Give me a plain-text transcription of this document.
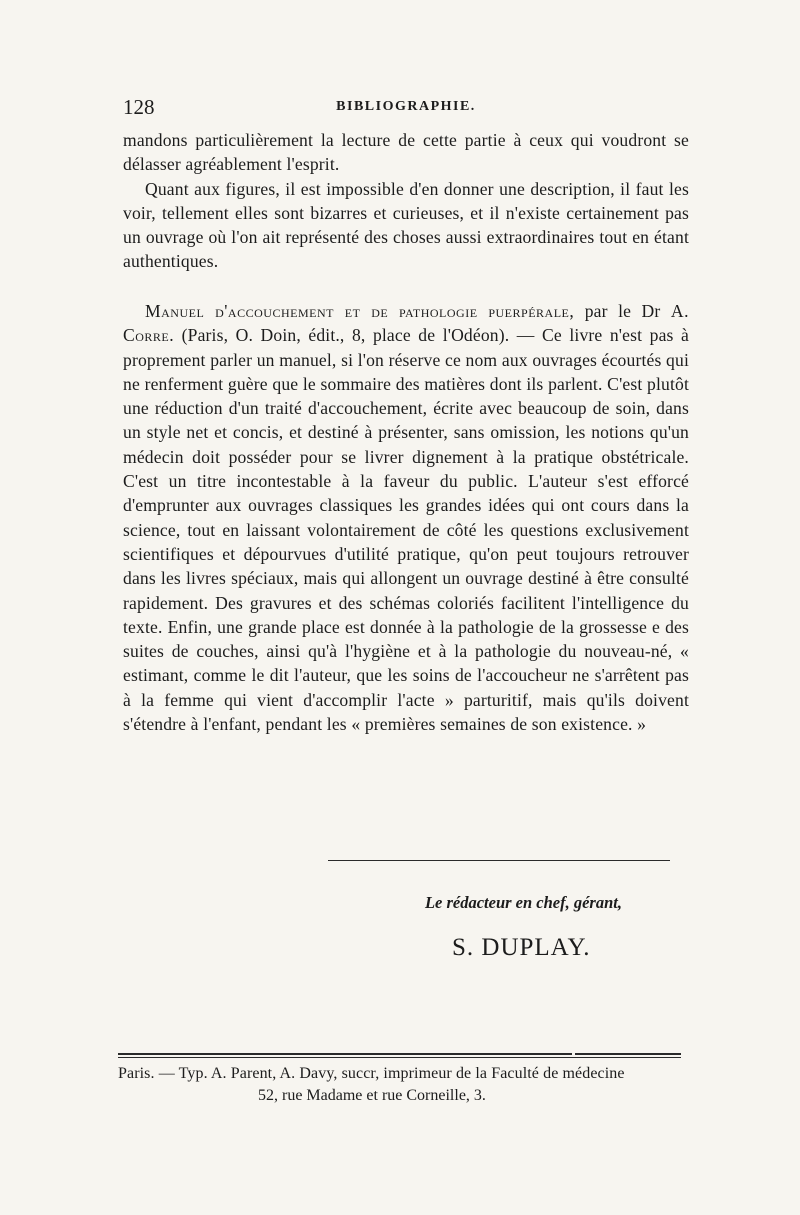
128	BIBLIOGRAPHIE.

mandons particulièrement la lecture de cette partie à ceux qui voudront se délasser agréablement l'esprit.

Quant aux figures, il est impossible d'en donner une description, il faut les voir, tellement elles sont bizarres et curieuses, et il n'existe certainement pas un ouvrage où l'on ait représenté des choses aussi extraordinaires tout en étant authentiques.

Manuel d'accouchement et de pathologie puerpérale, par le Dr A. Corre. (Paris, O. Doin, édit., 8, place de l'Odéon). — Ce livre n'est pas à proprement parler un manuel, si l'on réserve ce nom aux ouvrages écourtés qui ne renferment guère que le sommaire des matières dont ils parlent. C'est plutôt une réduction d'un traité d'accouchement, écrite avec beaucoup de soin, dans un style net et concis, et destiné à présenter, sans omission, les notions qu'un médecin doit posséder pour se livrer dignement à la pratique obstétricale. C'est un titre incontestable à la faveur du public. L'auteur s'est efforcé d'emprunter aux ouvrages classiques les grandes idées qui ont cours dans la science, tout en laissant volontairement de côté les questions exclusivement scientifiques et dépourvues d'utilité pratique, qu'on peut toujours retrouver dans les livres spéciaux, mais qui allongent un ouvrage destiné à être consulté rapidement. Des gravures et des schémas coloriés facilitent l'intelligence du texte. Enfin, une grande place est donnée à la pathologie de la grossesse e des suites de couches, ainsi qu'à l'hygiène et à la pathologie du nouveau-né, « estimant, comme le dit l'auteur, que les soins de l'accoucheur ne s'arrêtent pas à la femme qui vient d'accomplir l'acte » parturitif, mais qu'ils doivent s'étendre à l'enfant, pendant les « premières semaines de son existence. »

Le rédacteur en chef, gérant,
S. DUPLAY.
Paris. — Typ. A. Parent, A. Davy, succr, imprimeur de la Faculté de médecine
52, rue Madame et rue Corneille, 3.
